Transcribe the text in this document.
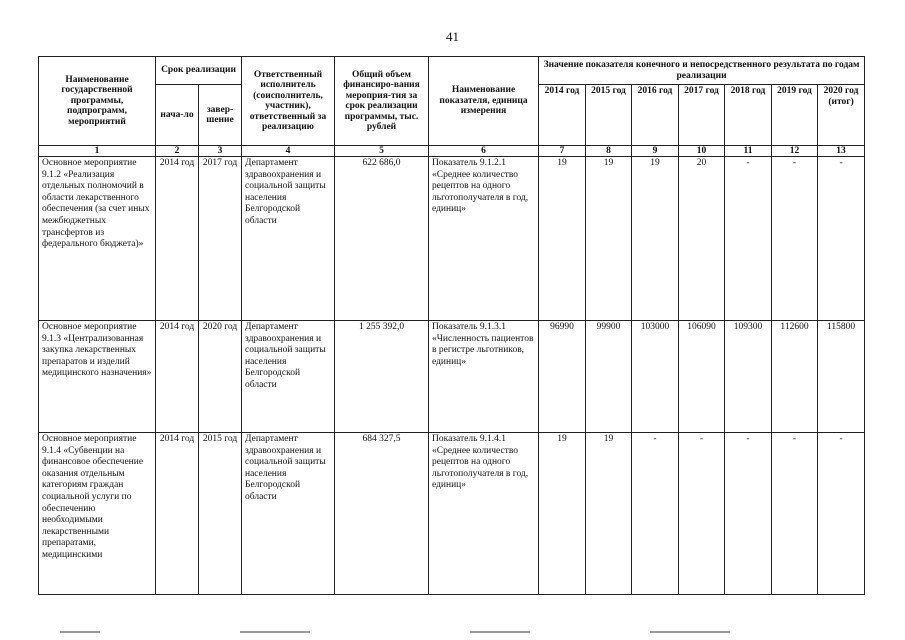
41
Наименование государственной программы, подпрограмм, мероприятий	Срок реализации		Ответственный исполнитель (соисполнитель, участник), ответственный за реализацию	Общий объем финансиро-вания мероприя-тия за срок реализации программы, тыс. рублей	Наименование показателя, единица измерения	Значение показателя конечного и непосредственного результата по годам реализации						
	нача-ло	завер-шение				2014 год	2015 год	2016 год	2017 год	2018 год	2019 год	2020 год (итог)
1	2	3	4	5	6	7	8	9	10	11	12	13
Основное мероприятие 9.1.2 «Реализация отдельных полномочий в области лекарственного обеспечения (за счет иных межбюджетных трансфертов из федерального бюджета)»	2014 год	2017 год	Департамент здравоохранения и социальной защиты населения Белгородской области	622 686,0	Показатель 9.1.2.1 «Среднее количество рецептов на одного льготополучателя в год, единиц»	19	19	19	20	-	-	-
Основное мероприятие 9.1.3 «Централизованная закупка лекарственных препаратов и изделий медицинского назначения»	2014 год	2020 год	Департамент здравоохранения и социальной защиты населения Белгородской области	1 255 392,0	Показатель 9.1.3.1 «Численность пациентов в регистре льготников, единиц»	96990	99900	103000	106090	109300	112600	115800

Основное мероприятие 9.1.4 «Субвенции на финансовое обеспечение оказания отдельным категориям граждан социальной услуги по обеспечению необходимыми лекарственными препаратами, медицинскими	2014 год	2015 год	Департамент здравоохранения и социальной защиты населения Белгородской области	684 327,5	Показатель 9.1.4.1 «Среднее количество рецептов на одного льготополучателя в год, единиц»	19	19	-	-	-	-	-
